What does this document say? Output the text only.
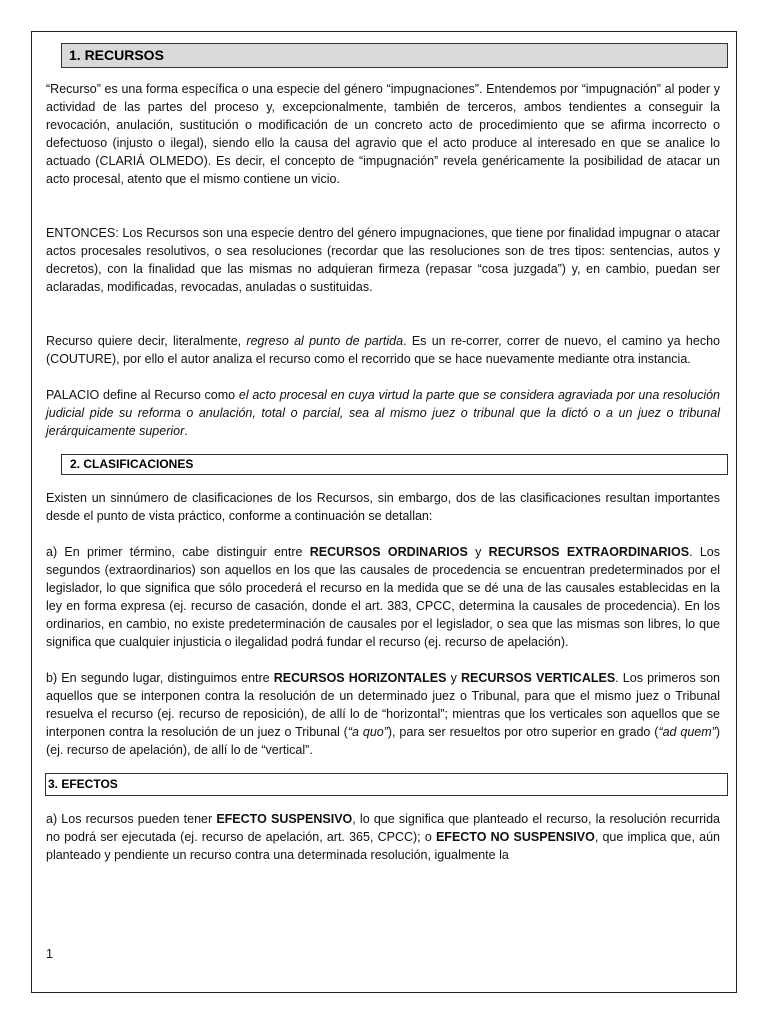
1. RECURSOS

“Recurso” es una forma específica o una especie del género “impugnaciones”. Entendemos por “impugnación” al poder y actividad de las partes del proceso y, excepcionalmente, también de terceros, ambos tendientes a conseguir la revocación, anulación, sustitución o modificación de un concreto acto de procedimiento que se afirma incorrecto o defectuoso (injusto o ilegal), siendo ello la causa del agravio que el acto produce al interesado en que se analice lo actuado (CLARIÁ OLMEDO). Es decir, el concepto de “impugnación” revela genéricamente la posibilidad de atacar un acto procesal, atento que el mismo contiene un vicio.

ENTONCES: Los Recursos son una especie dentro del género impugnaciones, que tiene por finalidad impugnar o atacar actos procesales resolutivos, o sea resoluciones (recordar que las resoluciones son de tres tipos: sentencias, autos y decretos), con la finalidad que las mismas no adquieran firmeza (repasar “cosa juzgada”) y, en cambio, puedan ser aclaradas, modificadas, revocadas, anuladas o sustituidas.

Recurso quiere decir, literalmente, regreso al punto de partida. Es un re-correr, correr de nuevo, el camino ya hecho (COUTURE), por ello el autor analiza el recurso como el recorrido que se hace nuevamente mediante otra instancia.

PALACIO define al Recurso como el acto procesal en cuya virtud la parte que se considera agraviada por una resolución judicial pide su reforma o anulación, total o parcial, sea al mismo juez o tribunal que la dictó o a un juez o tribunal jerárquicamente superior.

2. CLASIFICACIONES

Existen un sinnúmero de clasificaciones de los Recursos, sin embargo, dos de las clasificaciones resultan importantes desde el punto de vista práctico, conforme a continuación se detallan:

a) En primer término, cabe distinguir entre RECURSOS ORDINARIOS y RECURSOS EXTRAORDINARIOS. Los segundos (extraordinarios) son aquellos en los que las causales de procedencia se encuentran predeterminados por el legislador, lo que significa que sólo procederá el recurso en la medida que se dé una de las causales establecidas en la ley en forma expresa (ej. recurso de casación, donde el art. 383, CPCC, determina la causales de procedencia). En los ordinarios, en cambio, no existe predeterminación de causales por el legislador, o sea que las mismas son libres, lo que significa que cualquier injusticia o ilegalidad podrá fundar el recurso (ej. recurso de apelación).

b) En segundo lugar, distinguimos entre RECURSOS HORIZONTALES y RECURSOS VERTICALES. Los primeros son aquellos que se interponen contra la resolución de un determinado juez o Tribunal, para que el mismo juez o Tribunal resuelva el recurso (ej. recurso de reposición), de allí lo de “horizontal”; mientras que los verticales son aquellos que se interponen contra la resolución de un juez o Tribunal (“a quo”), para ser resueltos por otro superior en grado (“ad quem”) (ej. recurso de apelación), de allí lo de “vertical”.

3. EFECTOS

a) Los recursos pueden tener EFECTO SUSPENSIVO, lo que significa que planteado el recurso, la resolución recurrida no podrá ser ejecutada (ej. recurso de apelación, art. 365, CPCC); o EFECTO NO SUSPENSIVO, que implica que, aún planteado y pendiente un recurso contra una determinada resolución, igualmente la

1
